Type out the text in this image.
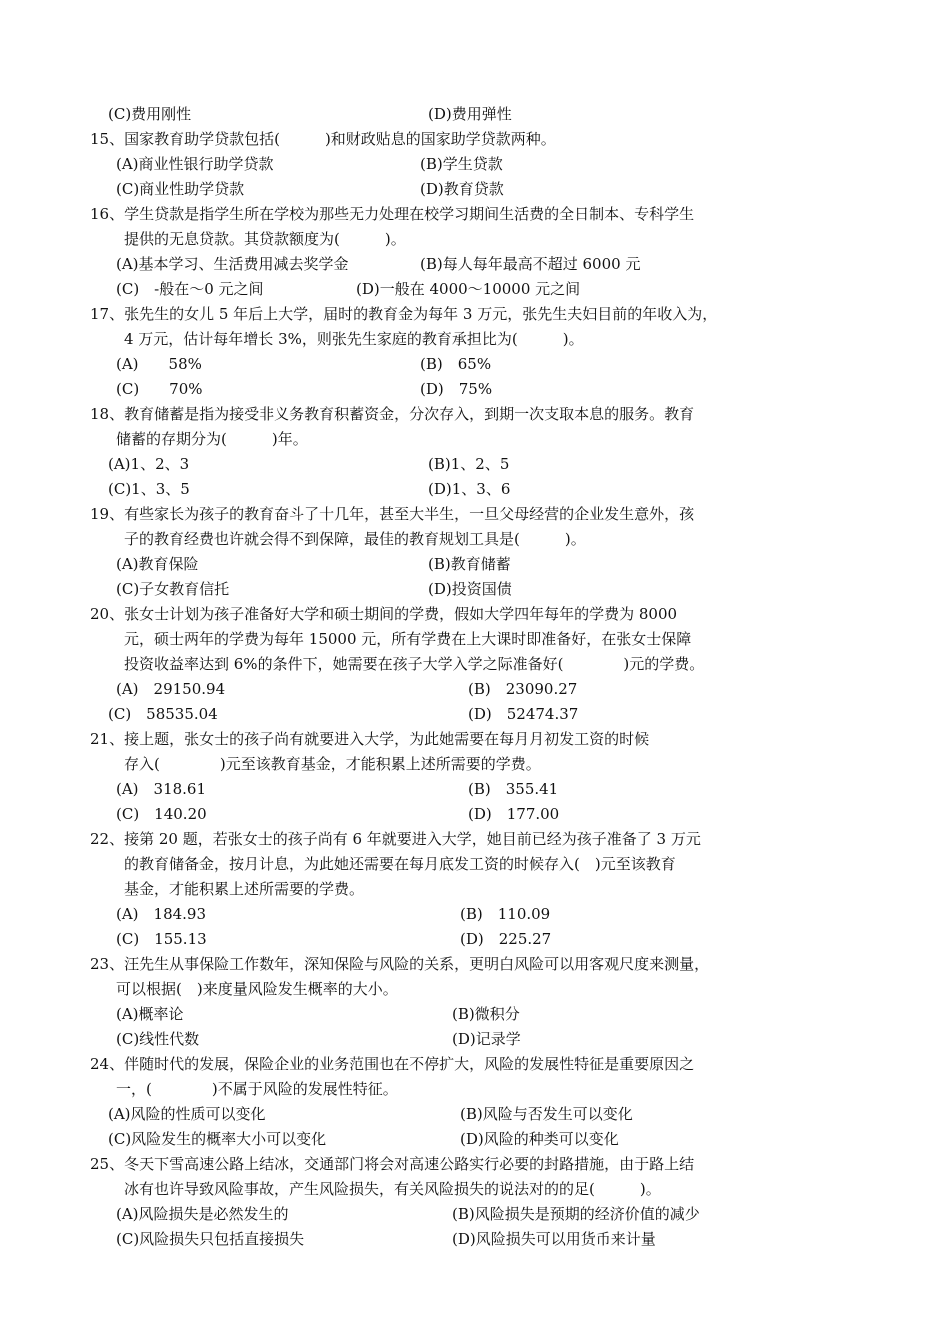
(C)费用刚性	(D)费用弹性
15、国家教育助学贷款包括(　　　)和财政贴息的国家助学贷款两种。
(A)商业性银行助学贷款	(B)学生贷款
(C)商业性助学贷款	(D)教育贷款
16、学生贷款是指学生所在学校为那些无力处理在校学习期间生活费的全日制本、专科学生
提供的无息贷款。其贷款额度为(　　　)。
(A)基本学习、生活费用减去奖学金	(B)每人每年最高不超过 6000 元
(C)　-般在～0 元之间	(D)一般在 4000～10000 元之间
17、张先生的女儿 5 年后上大学，届时的教育金为每年 3 万元，张先生夫妇目前的年收入为，
4 万元，估计每年增长 3%，则张先生家庭的教育承担比为(　　　)。
(A)　　58%	(B)　65%
(C)　　70%	(D)　75%
18、教育储蓄是指为接受非义务教育积蓄资金，分次存入，到期一次支取本息的服务。教育
储蓄的存期分为(　　　)年。
(A)1、2、3	(B)1、2、5
(C)1、3、5	(D)1、3、6
19、有些家长为孩子的教育奋斗了十几年，甚至大半生，一旦父母经营的企业发生意外，孩
子的教育经费也许就会得不到保障，最佳的教育规划工具是(　　　)。
(A)教育保险	(B)教育储蓄
(C)子女教育信托	(D)投资国债
20、张女士计划为孩子准备好大学和硕士期间的学费，假如大学四年每年的学费为 8000
元，硕士两年的学费为每年 15000 元，所有学费在上大课时即准备好，在张女士保障
投资收益率达到 6%的条件下，她需要在孩子大学入学之际准备好(　　　　)元的学费。
(A)　29150.94	(B)　23090.27
(C)　58535.04	(D)　52474.37
21、接上题，张女士的孩子尚有就要进入大学，为此她需要在每月月初发工资的时候
存入(　　　　)元至该教育基金，才能积累上述所需要的学费。
(A)　318.61	(B)　355.41
(C)　140.20	(D)　177.00
22、接第 20 题，若张女士的孩子尚有 6 年就要进入大学，她目前已经为孩子准备了 3 万元
的教育储备金，按月计息，为此她还需要在每月底发工资的时候存入(　)元至该教育
基金，才能积累上述所需要的学费。
(A)　184.93	(B)　110.09
(C)　155.13	(D)　225.27
23、汪先生从事保险工作数年，深知保险与风险的关系，更明白风险可以用客观尺度来测量，
可以根据(　)来度量风险发生概率的大小。
(A)概率论	(B)微积分
(C)线性代数	(D)记录学
24、伴随时代的发展，保险企业的业务范围也在不停扩大，风险的发展性特征是重要原因之
一，(　　　　)不属于风险的发展性特征。
(A)风险的性质可以变化	(B)风险与否发生可以变化
(C)风险发生的概率大小可以变化	(D)风险的种类可以变化
25、冬天下雪高速公路上结冰，交通部门将会对高速公路实行必要的封路措施，由于路上结
冰有也许导致风险事故，产生风险损失，有关风险损失的说法对的的足(　　　)。
(A)风险损失是必然发生的	(B)风险损失是预期的经济价值的减少
(C)风险损失只包括直接损失	(D)风险损失可以用货币来计量
